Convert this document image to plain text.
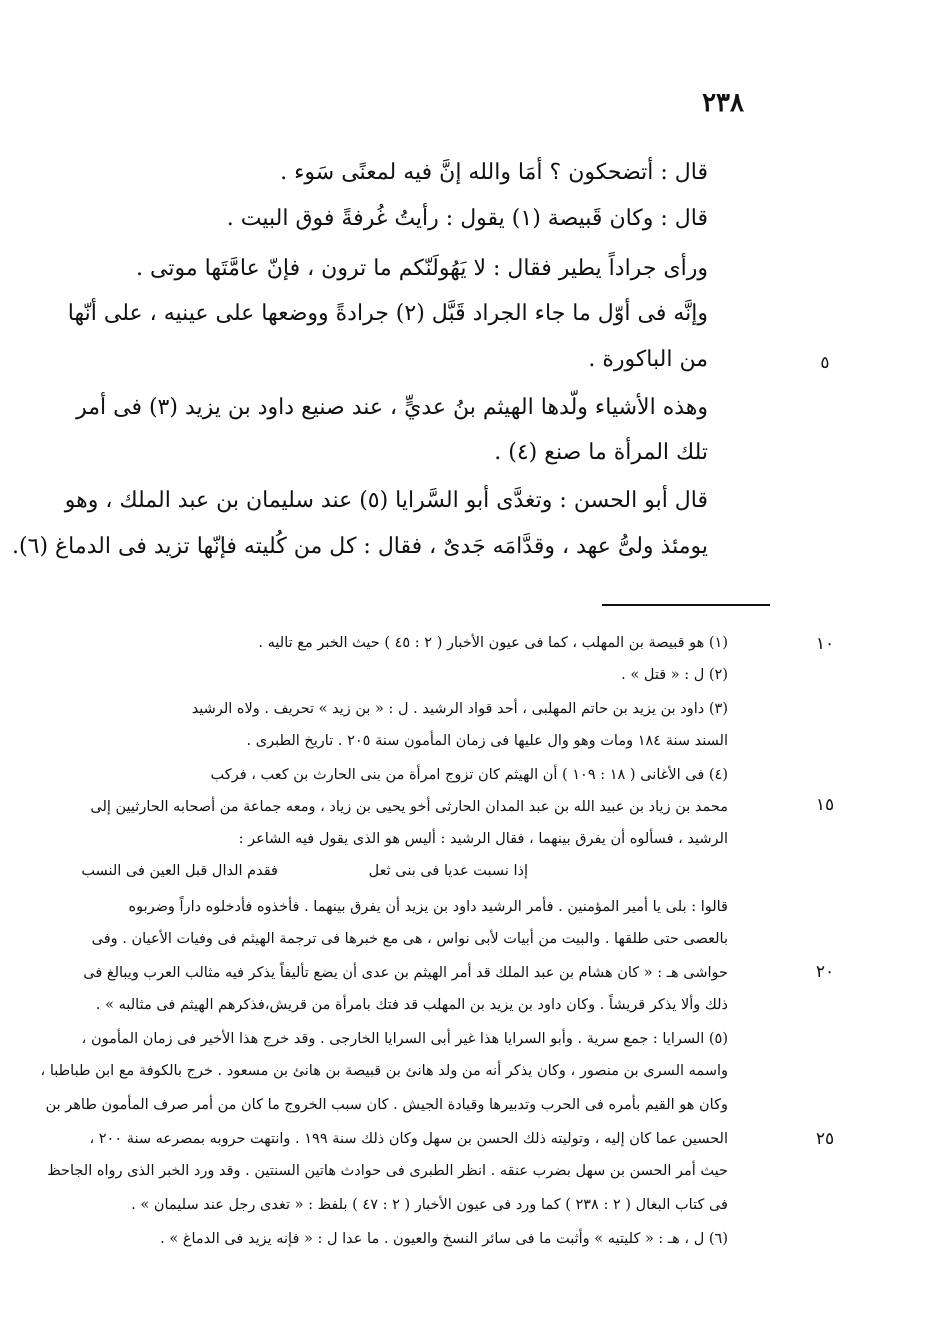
٢٣٨
قال : أتضحكون ؟ أمَا والله إنَّ فيه لمعنًى سَوء .
قال : وكان قَبيصة (١) يقول : رأيتُ غُرفةً فوق البيت .
ورأى جراداً يطير فقال : لا يَهُولَنّكم ما ترون ، فإنّ عامَّتَها موتى .
وإنَّه فى أوّل ما جاء الجراد قَبَّل (٢) جرادةً ووضعها على عينيه ، على أنّها
من الباكورة .
وهذه الأشياء ولّدها الهيثم بنُ عديٍّ ، عند صنيع داود بن يزيد (٣) فى أمر
تلك المرأة ما صنع (٤) .
قال أبو الحسن : وتغدَّى أبو السَّرايا (٥) عند سليمان بن عبد الملك ، وهو
يومئذ ولىُّ عهد ، وقدَّامَه جَدىٌ ، فقال : كل من كُليته فإنّها تزيد فى الدماغ (٦).
٥
١٠
١٥
٢٠
٢٥
(١) هو قبيصة بن المهلب ، كما فى عيون الأخبار ( ٢ : ٤٥ ) حيث الخبر مع تاليه .
(٢) ل : « قتل » .
(٣) داود بن يزيد بن حاتم المهلبى ، أحد قواد الرشيد . ل : « بن زيد » تحريف . ولاه الرشيد
السند سنة ١٨٤ ومات وهو وال عليها فى زمان المأمون سنة ٢٠٥ . تاريخ الطبرى .
(٤) فى الأغانى ( ١٨ : ١٠٩ ) أن الهيثم كان تزوج امرأة من بنى الحارث بن كعب ، فركب
محمد بن زياد بن عبيد الله بن عبد المدان الحارثى أخو يحيى بن زياد ، ومعه جماعة من أصحابه الحارثيين إلى
الرشيد ، فسألوه أن يفرق بينهما ، فقال الرشيد : أليس هو الذى يقول فيه الشاعر :
إذا نسبت عديا فى بنى ثعل
فقدم الدال قبل العين فى النسب
قالوا : بلى يا أمير المؤمنين . فأمر الرشيد داود بن يزيد أن يفرق بينهما . فأخذوه فأدخلوه داراً وضربوه
بالعصى حتى طلقها . والبيت من أبيات لأبى نواس ، هى مع خبرها فى ترجمة الهيثم فى وفيات الأعيان . وفى
حواشى هـ : « كان هشام بن عبد الملك قد أمر الهيثم بن عدى أن يضع تأليفاً يذكر فيه مثالب العرب ويبالغ فى
ذلك وألا يذكر قريشاً . وكان داود بن يزيد بن المهلب قد فتك بامرأة من قريش،فذكرهم الهيثم فى مثالبه » .
(٥) السرايا : جمع سرية . وأبو السرايا هذا غير أبى السرايا الخارجى . وقد خرج هذا الأخير فى زمان المأمون ،
واسمه السرى بن منصور ، وكان يذكر أنه من ولد هانئ بن قبيصة بن هانئ بن مسعود . خرج بالكوفة مع ابن طباطبا ،
وكان هو القيم بأمره فى الحرب وتدبيرها وقيادة الجيش . كان سبب الخروج ما كان من أمر صرف المأمون طاهر بن
الحسين عما كان إليه ، وتوليته ذلك الحسن بن سهل وكان ذلك سنة ١٩٩ . وانتهت حروبه بمصرعه سنة ٢٠٠ ،
حيث أمر الحسن بن سهل بضرب عنقه . انظر الطبرى فى حوادث هاتين السنتين . وقد ورد الخبر الذى رواه الجاحظ
فى كتاب البغال ( ٢ : ٢٣٨ ) كما ورد فى عيون الأخبار ( ٢ : ٤٧ ) بلفظ : « تغدى رجل عند سليمان » .
(٦) ل ، هـ : « كليتيه » وأثبت ما فى سائر النسخ والعيون . ما عدا ل : « فإنه يزيد فى الدماغ » .
